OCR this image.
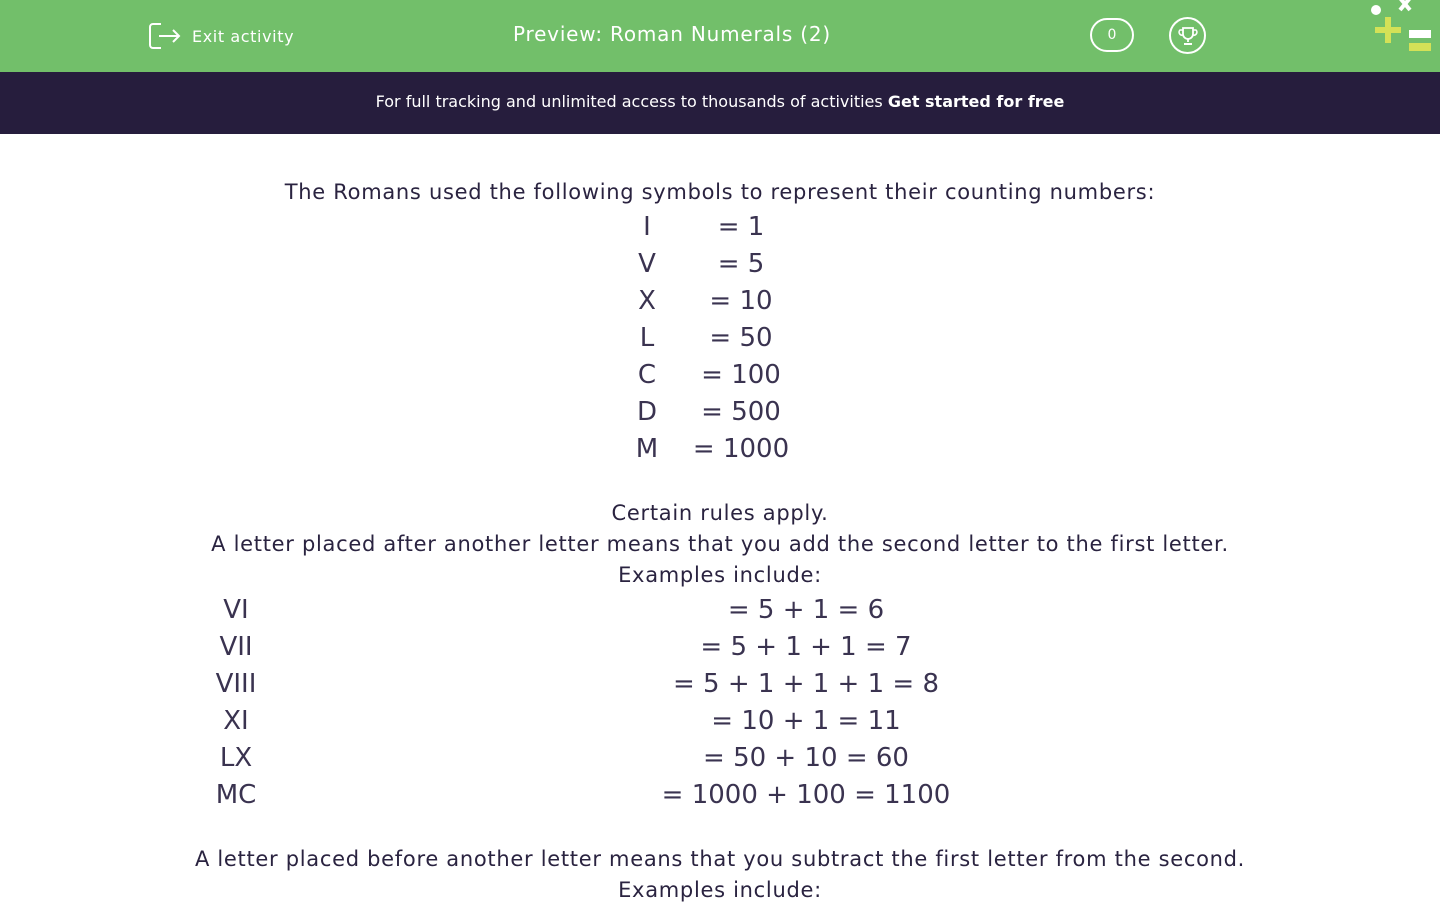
Exit activity	Preview: Roman Numerals (2)	0
For full tracking and unlimited access to thousands of activities Get started for free
The Romans used the following symbols to represent their counting numbers:
I	= 1
V	= 5
X	= 10
L	= 50
C	= 100
D	= 500
M	= 1000
Certain rules apply.
A letter placed after another letter means that you add the second letter to the first letter. Examples include:
VI	= 5 + 1 = 6
VII	= 5 + 1 + 1 = 7
VIII	= 5 + 1 + 1 + 1 = 8
XI	= 10 + 1 = 11
LX	= 50 + 10 = 60
MC	= 1000 + 100 = 1100
A letter placed before another letter means that you subtract the first letter from the second. Examples include:
